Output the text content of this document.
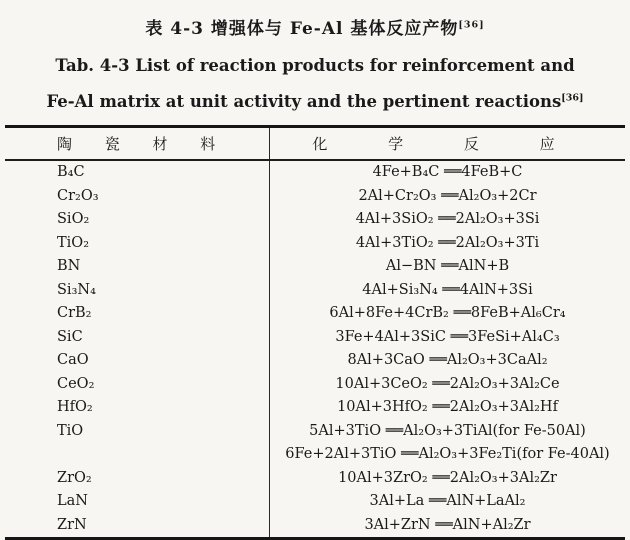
表 4-3 增强体与 Fe-Al 基体反应产物[36]
Tab. 4-3 List of reaction products for reinforcement and
Fe-Al matrix at unit activity and the pertinent reactions[36]
陶 瓷 材 料	化 学 反 应
B₄C	4Fe+B₄C ══4FeB+C
Cr₂O₃	2Al+Cr₂O₃ ══Al₂O₃+2Cr
SiO₂	4Al+3SiO₂ ══2Al₂O₃+3Si
TiO₂	4Al+3TiO₂ ══2Al₂O₃+3Ti
BN	Al−BN ══AlN+B
Si₃N₄	4Al+Si₃N₄ ══4AlN+3Si
CrB₂	6Al+8Fe+4CrB₂ ══8FeB+Al₆Cr₄
SiC	3Fe+4Al+3SiC ══3FeSi+Al₄C₃
CaO	8Al+3CaO ══Al₂O₃+3CaAl₂
CeO₂	10Al+3CeO₂ ══2Al₂O₃+3Al₂Ce
HfO₂	10Al+3HfO₂ ══2Al₂O₃+3Al₂Hf
TiO	5Al+3TiO ══Al₂O₃+3TiAl(for Fe-50Al)
	6Fe+2Al+3TiO ══Al₂O₃+3Fe₂Ti(for Fe-40Al)
ZrO₂	10Al+3ZrO₂ ══2Al₂O₃+3Al₂Zr
LaN	3Al+La ══AlN+LaAl₂
ZrN	3Al+ZrN ══AlN+Al₂Zr
